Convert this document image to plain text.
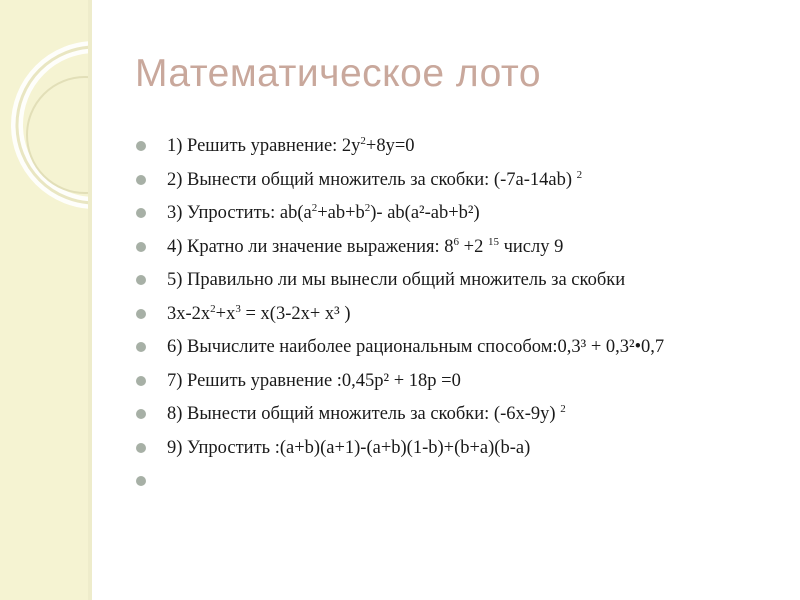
Математическое лото
1) Решить уравнение: $2у^2+8у=0$
2) Вынести общий множитель за скобки: (-7а-14аb) $^2$
3) Упростить: $аb(а^2+аb+b^2)-$ аb(а²-аb+b²)
4) Кратно ли значение выражения: $8^6 +2$ $^{15}$ числу 9
5) Правильно ли мы вынесли общий множитель за скобки
$3х-2х^2+х^3 = х(3-2х+ х^3$ )
6) Вычислите наиболее рациональным способом:0,3³ + 0,3²•0,7
7) Решить уравнение :0,45р² + 18р =0
8) Вынести общий множитель за скобки: (-6х-9у) $^2$
9) Упростить :(а+b)(а+1)-(а+b)(1-b)+(b+а)(b-а)
